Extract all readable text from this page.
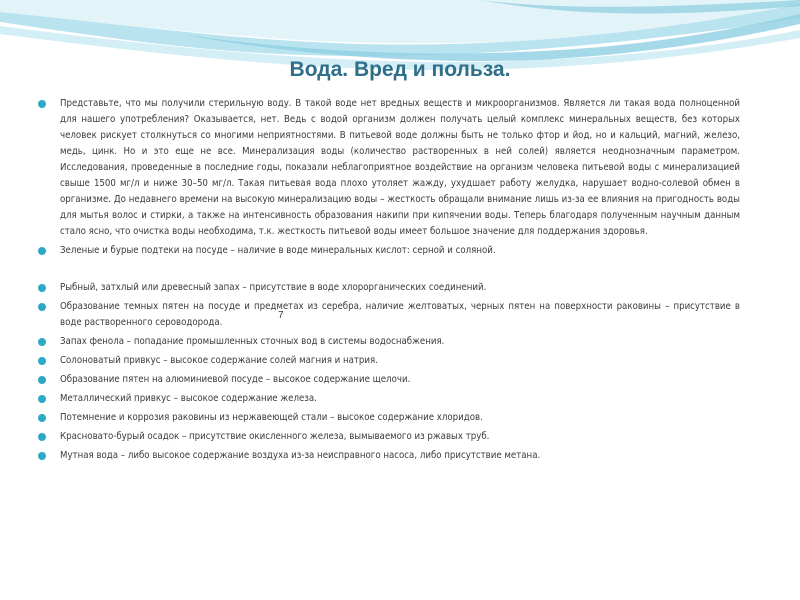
Вода. Вред и польза.
Представьте, что мы получили стерильную воду. В такой воде нет вредных веществ и микроорганизмов. Является ли такая вода полноценной для нашего употребления? Оказывается, нет. Ведь с водой организм должен получать целый комплекс минеральных веществ, без которых человек рискует столкнуться со многими неприятностями. В питьевой воде должны быть не только фтор и йод, но и кальций, магний, железо, медь, цинк. Но и это еще не все. Минерализация воды (количество растворенных в ней солей) является неоднозначным параметром. Исследования, проведенные в последние годы, показали неблагоприятное воздействие на организм человека питьевой воды с минерализацией свыше 1500 мг/л и ниже 30–50 мг/л. Такая питьевая вода плохо утоляет жажду, ухудшает работу желудка, нарушает водно-солевой обмен в организме. До недавнего времени на высокую минерализацию воды – жесткость обращали внимание лишь из-за ее влияния на пригодность воды для мытья волос и стирки, а также на интенсивность образования накипи при кипячении воды. Теперь благодаря полученным научным данным стало ясно, что очистка воды необходима, т.к. жесткость питьевой воды имеет большое значение для поддержания здоровья.
Зеленые и бурые подтеки на посуде – наличие в воде минеральных кислот: серной и соляной.
Рыбный, затхлый или древесный запах – присутствие в воде хлорорганических соединений.
Образование темных пятен на посуде и предметах из серебра, наличие желтоватых, черных пятен на поверхности раковины – присутствие в воде растворенного сероводорода.
Запах фенола – попадание промышленных сточных вод в системы водоснабжения.
Солоноватый привкус – высокое содержание солей магния и натрия.
Образование пятен на алюминиевой посуде – высокое содержание щелочи.
Металлический привкус – высокое содержание железа.
Потемнение и коррозия раковины из нержавеющей стали – высокое содержание хлоридов.
Красновато-бурый осадок – присутствие окисленного железа, вымываемого из ржавых труб.
Мутная вода – либо высокое содержание воздуха из-за неисправного насоса, либо присутствие метана.
7
